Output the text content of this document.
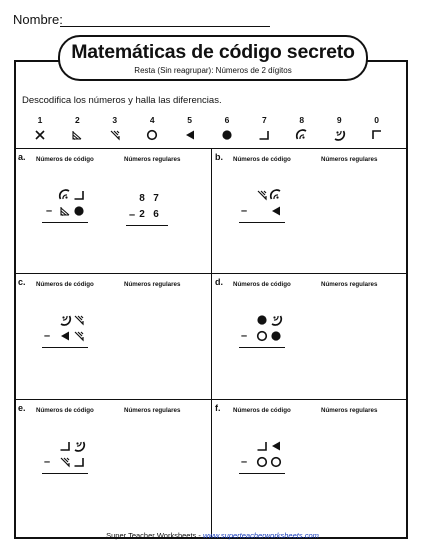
Nombre:
Matemáticas de código secreto
Resta (Sin reagrupar): Números de 2 dígitos
Descodifica los números y halla las diferencias.
1	2	3	4	5	6	7	8	9	0
a. Números de código	Números regulares
–
8 7
– 2 6
b. Números de código	Números regulares
–
c. Números de código	Números regulares
–
d. Números de código	Números regulares
–
e. Números de código	Números regulares
–
f. Números de código	Números regulares
–
Super Teacher Worksheets - www.superteacherworksheets.com
